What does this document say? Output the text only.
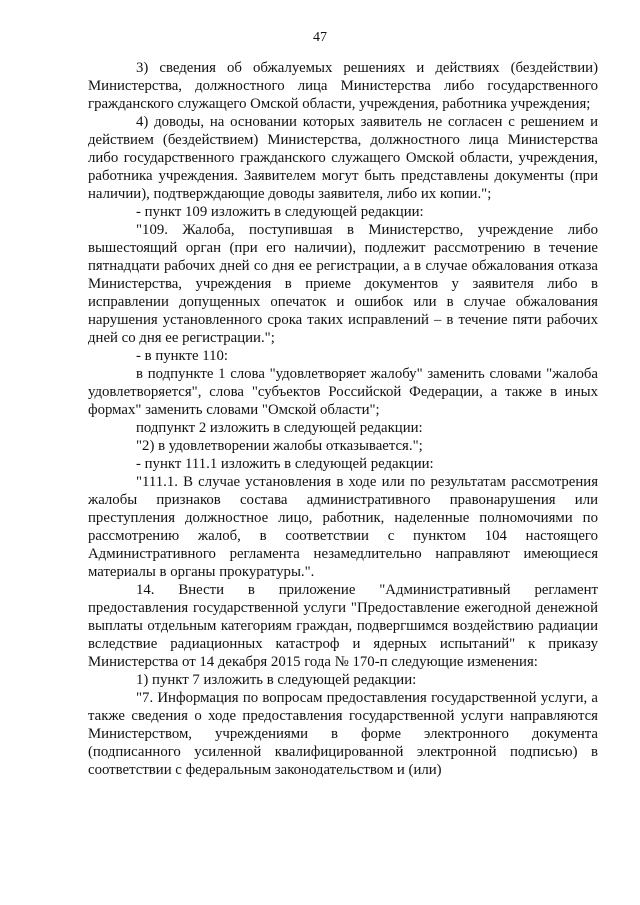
47

3) сведения об обжалуемых решениях и действиях (бездействии) Министерства, должностного лица Министерства либо государственного гражданского служащего Омской области, учреждения, работника учреждения;

4) доводы, на основании которых заявитель не согласен с решением и действием (бездействием) Министерства, должностного лица Министерства либо государственного гражданского служащего Омской области, учреждения, работника учреждения. Заявителем могут быть представлены документы (при наличии), подтверждающие доводы заявителя, либо их копии.";

- пункт 109 изложить в следующей редакции:

"109. Жалоба, поступившая в Министерство, учреждение либо вышестоящий орган (при его наличии), подлежит рассмотрению в течение пятнадцати рабочих дней со дня ее регистрации, а в случае обжалования отказа Министерства, учреждения в приеме документов у заявителя либо в исправлении допущенных опечаток и ошибок или в случае обжалования нарушения установленного срока таких исправлений – в течение пяти рабочих дней со дня ее регистрации.";

- в пункте 110:

в подпункте 1 слова "удовлетворяет жалобу" заменить словами "жалоба удовлетворяется", слова "субъектов Российской Федерации, а также в иных формах" заменить словами "Омской области";

подпункт 2 изложить в следующей редакции:

"2) в удовлетворении жалобы отказывается.";

- пункт 111.1 изложить в следующей редакции:

"111.1. В случае установления в ходе или по результатам рассмотрения жалобы признаков состава административного правонарушения или преступления должностное лицо, работник, наделенные полномочиями по рассмотрению жалоб, в соответствии с пунктом 104 настоящего Административного регламента незамедлительно направляют имеющиеся материалы в органы прокуратуры.".

14. Внести в приложение "Административный регламент предоставления государственной услуги "Предоставление ежегодной денежной выплаты отдельным категориям граждан, подвергшимся воздействию радиации вследствие радиационных катастроф и ядерных испытаний" к приказу Министерства от 14 декабря 2015 года № 170-п следующие изменения:

1) пункт 7 изложить в следующей редакции:

"7. Информация по вопросам предоставления государственной услуги, а также сведения о ходе предоставления государственной услуги направляются Министерством, учреждениями в форме электронного документа (подписанного усиленной квалифицированной электронной подписью) в соответствии с федеральным законодательством и (или)
